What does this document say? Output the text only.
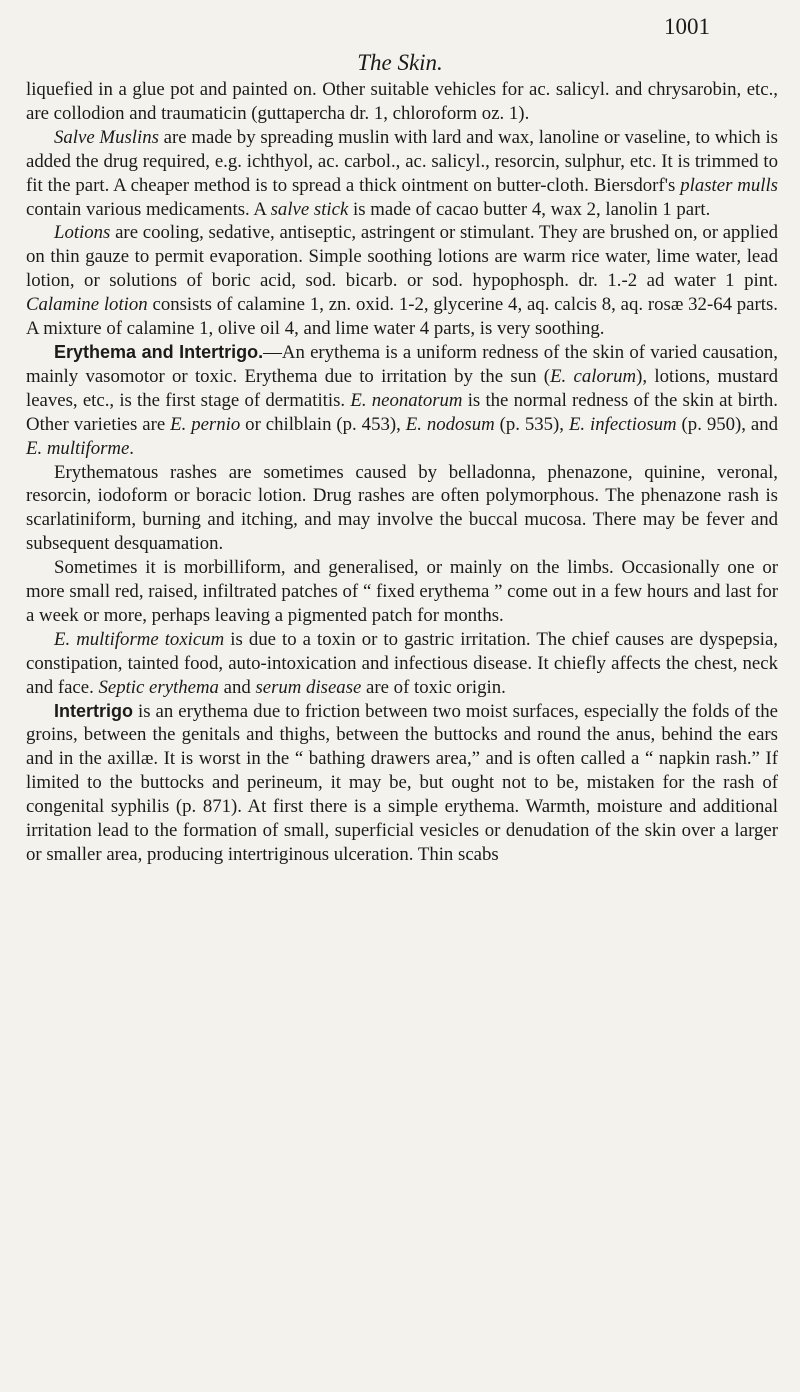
1001
The Skin.

liquefied in a glue pot and painted on. Other suitable vehicles for ac. salicyl. and chrysarobin, etc., are collodion and traumaticin (guttapercha dr. 1, chloroform oz. 1).

Salve Muslins are made by spreading muslin with lard and wax, lanoline or vaseline, to which is added the drug required, e.g. ichthyol, ac. carbol., ac. salicyl., resorcin, sulphur, etc. It is trimmed to fit the part. A cheaper method is to spread a thick ointment on butter-cloth. Biersdorf's plaster mulls contain various medicaments. A salve stick is made of cacao butter 4, wax 2, lanolin 1 part.

Lotions are cooling, sedative, antiseptic, astringent or stimulant. They are brushed on, or applied on thin gauze to permit evaporation. Simple soothing lotions are warm rice water, lime water, lead lotion, or solutions of boric acid, sod. bicarb. or sod. hypophosph. dr. 1.-2 ad water 1 pint. Calamine lotion consists of calamine 1, zn. oxid. 1-2, glycerine 4, aq. calcis 8, aq. rosæ 32-64 parts. A mixture of calamine 1, olive oil 4, and lime water 4 parts, is very soothing.

Erythema and Intertrigo.—An erythema is a uniform redness of the skin of varied causation, mainly vasomotor or toxic. Erythema due to irritation by the sun (E. calorum), lotions, mustard leaves, etc., is the first stage of dermatitis. E. neonatorum is the normal redness of the skin at birth. Other varieties are E. pernio or chilblain (p. 453), E. nodosum (p. 535), E. infectiosum (p. 950), and E. multiforme.

Erythematous rashes are sometimes caused by belladonna, phenazone, quinine, veronal, resorcin, iodoform or boracic lotion. Drug rashes are often polymorphous. The phenazone rash is scarlatiniform, burning and itching, and may involve the buccal mucosa. There may be fever and subsequent desquamation.

Sometimes it is morbilliform, and generalised, or mainly on the limbs. Occasionally one or more small red, raised, infiltrated patches of “ fixed erythema ” come out in a few hours and last for a week or more, perhaps leaving a pigmented patch for months.

E. multiforme toxicum is due to a toxin or to gastric irritation. The chief causes are dyspepsia, constipation, tainted food, auto-intoxication and infectious disease. It chiefly affects the chest, neck and face. Septic erythema and serum disease are of toxic origin.

Intertrigo is an erythema due to friction between two moist surfaces, especially the folds of the groins, between the genitals and thighs, between the buttocks and round the anus, behind the ears and in the axillæ. It is worst in the “ bathing drawers area,” and is often called a “ napkin rash.” If limited to the buttocks and perineum, it may be, but ought not to be, mistaken for the rash of congenital syphilis (p. 871). At first there is a simple erythema. Warmth, moisture and additional irritation lead to the formation of small, superficial vesicles or denudation of the skin over a larger or smaller area, producing intertriginous ulceration. Thin scabs
